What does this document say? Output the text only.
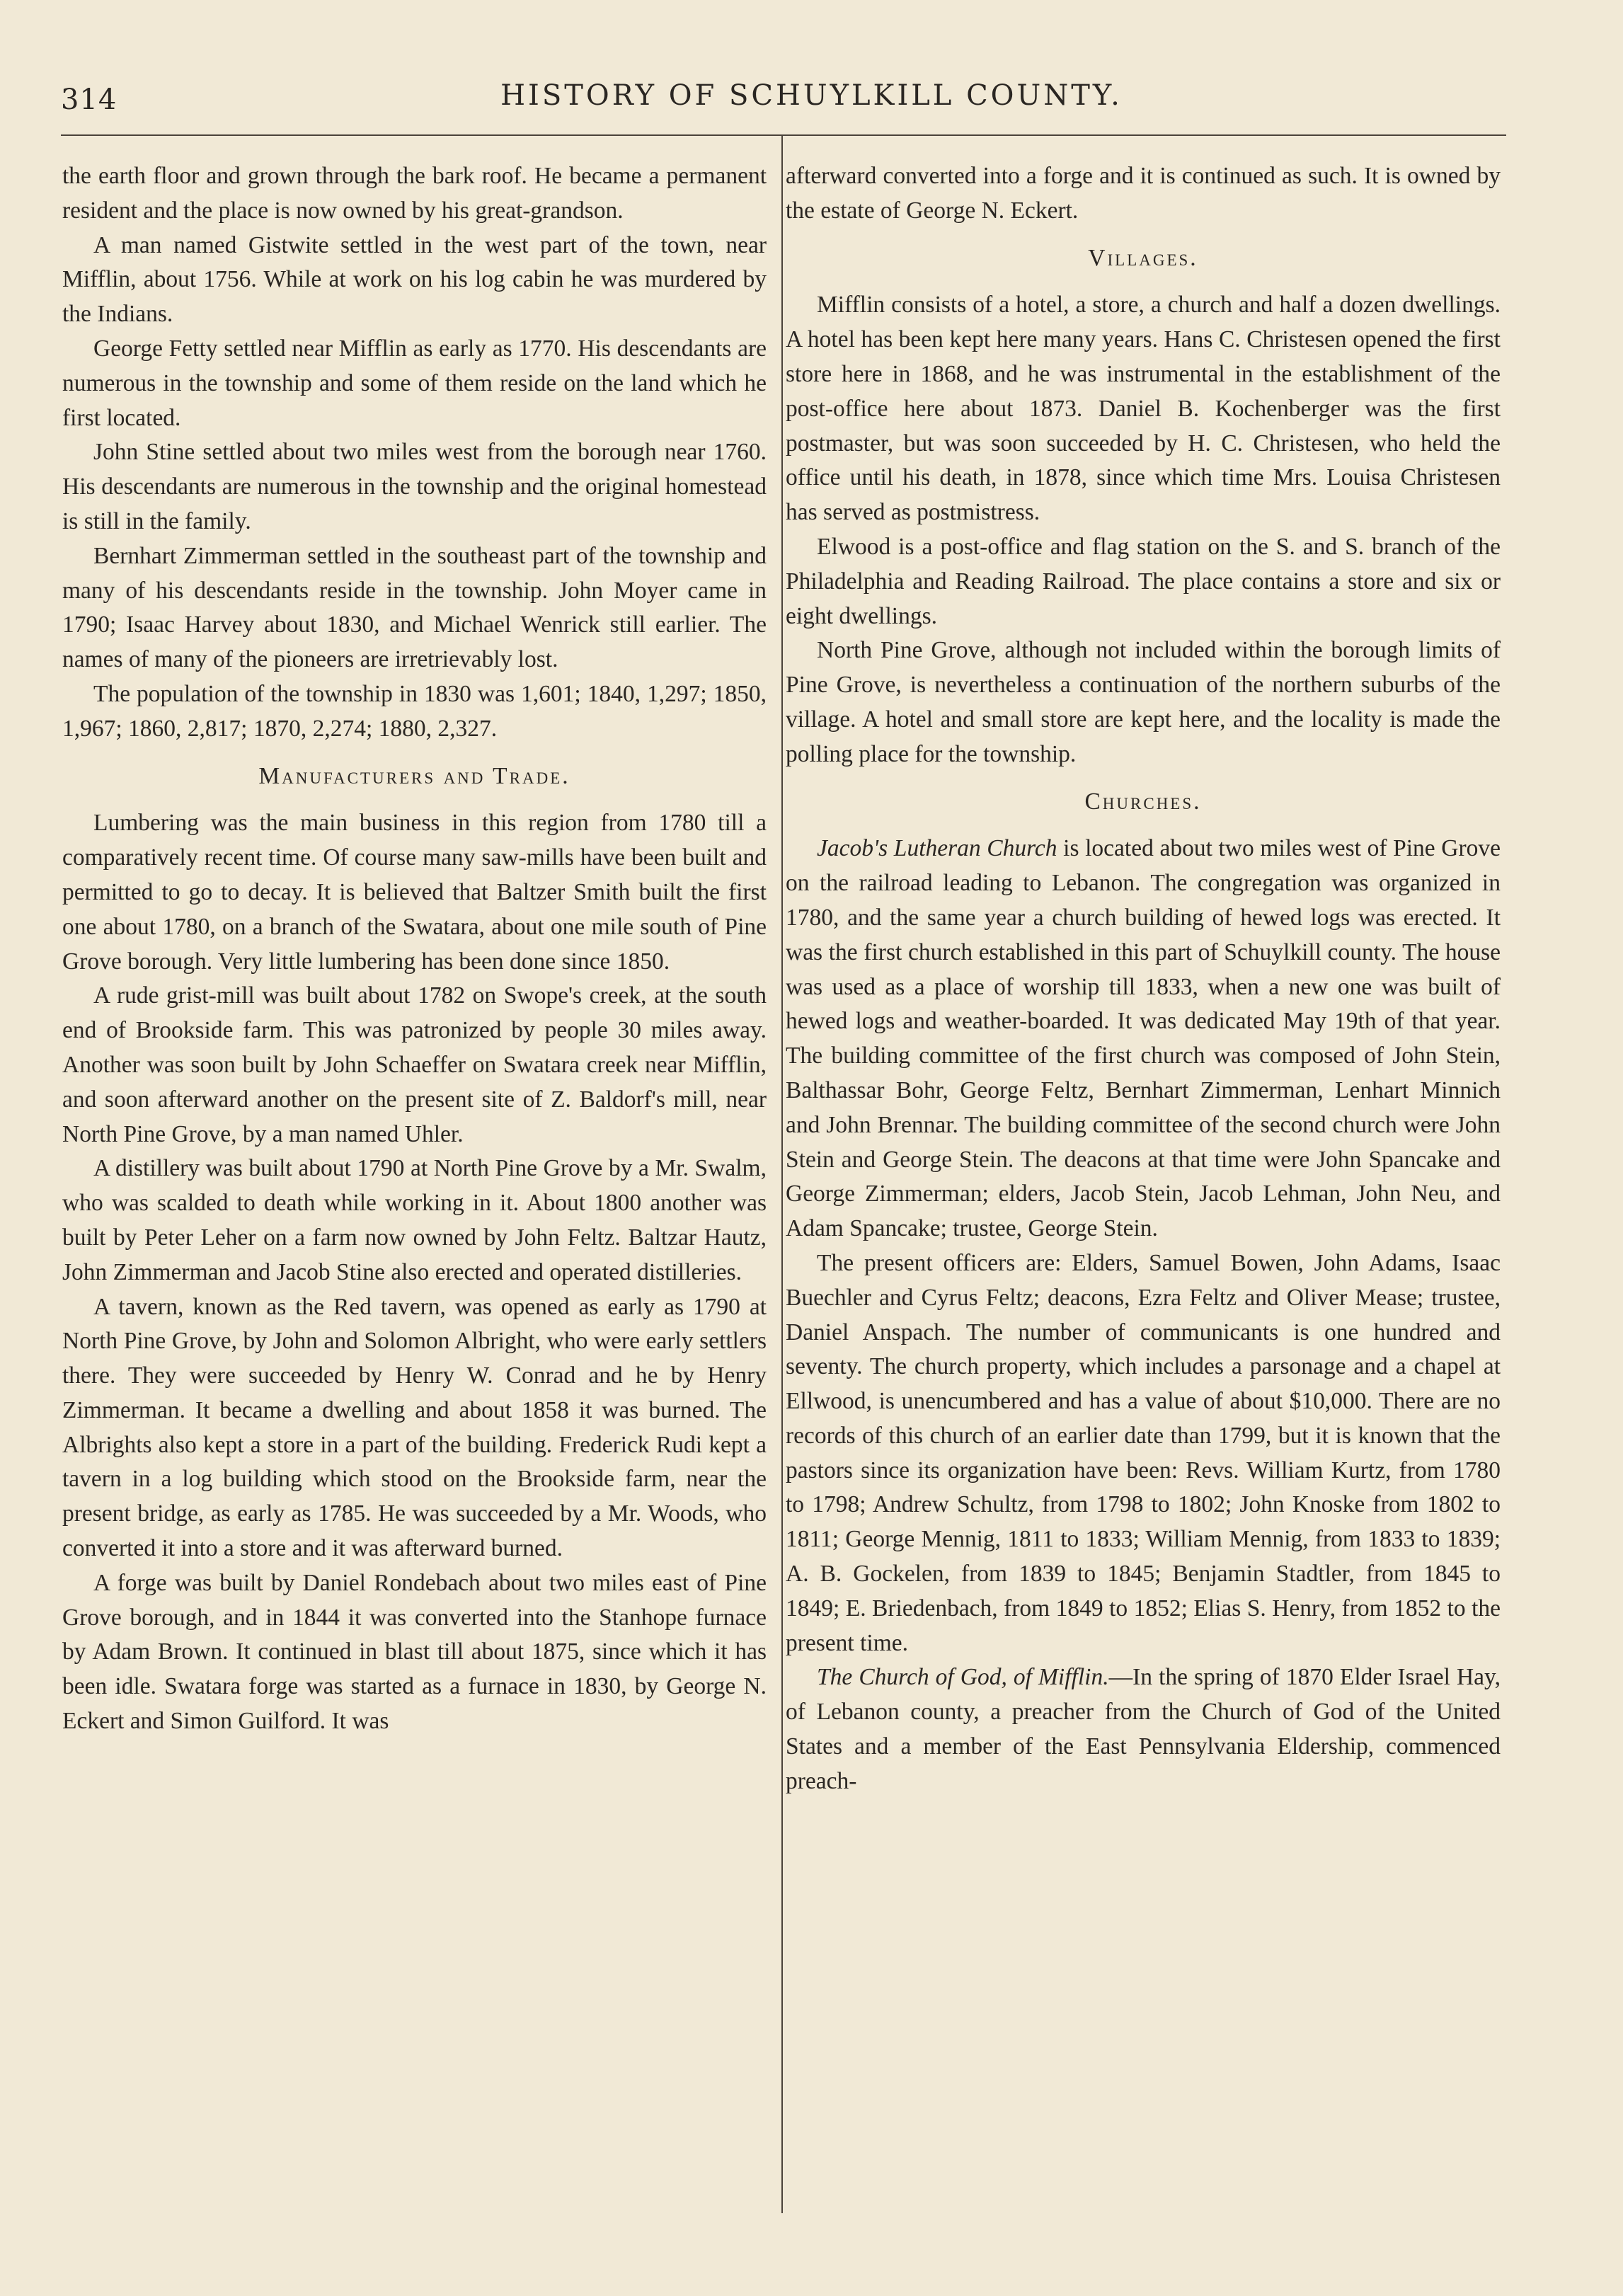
314	HISTORY OF SCHUYLKILL COUNTY.

the earth floor and grown through the bark roof. He became a permanent resident and the place is now owned by his great-grandson.

A man named Gistwite settled in the west part of the town, near Mifflin, about 1756. While at work on his log cabin he was murdered by the Indians.

George Fetty settled near Mifflin as early as 1770. His descendants are numerous in the township and some of them reside on the land which he first located.

John Stine settled about two miles west from the borough near 1760. His descendants are numerous in the township and the original homestead is still in the family.

Bernhart Zimmerman settled in the southeast part of the township and many of his descendants reside in the township. John Moyer came in 1790; Isaac Harvey about 1830, and Michael Wenrick still earlier. The names of many of the pioneers are irretrievably lost.

The population of the township in 1830 was 1,601; 1840, 1,297; 1850, 1,967; 1860, 2,817; 1870, 2,274; 1880, 2,327.

Manufacturers and Trade.

Lumbering was the main business in this region from 1780 till a comparatively recent time. Of course many saw-mills have been built and permitted to go to decay. It is believed that Baltzer Smith built the first one about 1780, on a branch of the Swatara, about one mile south of Pine Grove borough. Very little lumbering has been done since 1850.

A rude grist-mill was built about 1782 on Swope's creek, at the south end of Brookside farm. This was patronized by people 30 miles away. Another was soon built by John Schaeffer on Swatara creek near Mifflin, and soon afterward another on the present site of Z. Baldorf's mill, near North Pine Grove, by a man named Uhler.

A distillery was built about 1790 at North Pine Grove by a Mr. Swalm, who was scalded to death while working in it. About 1800 another was built by Peter Leher on a farm now owned by John Feltz. Baltzar Hautz, John Zimmerman and Jacob Stine also erected and operated distilleries.

A tavern, known as the Red tavern, was opened as early as 1790 at North Pine Grove, by John and Solomon Albright, who were early settlers there. They were succeeded by Henry W. Conrad and he by Henry Zimmerman. It became a dwelling and about 1858 it was burned. The Albrights also kept a store in a part of the building. Frederick Rudi kept a tavern in a log building which stood on the Brookside farm, near the present bridge, as early as 1785. He was succeeded by a Mr. Woods, who converted it into a store and it was afterward burned.

A forge was built by Daniel Rondebach about two miles east of Pine Grove borough, and in 1844 it was converted into the Stanhope furnace by Adam Brown. It continued in blast till about 1875, since which it has been idle. Swatara forge was started as a furnace in 1830, by George N. Eckert and Simon Guilford. It was

afterward converted into a forge and it is continued as such. It is owned by the estate of George N. Eckert.

Villages.

Mifflin consists of a hotel, a store, a church and half a dozen dwellings. A hotel has been kept here many years. Hans C. Christesen opened the first store here in 1868, and he was instrumental in the establishment of the post-office here about 1873. Daniel B. Kochenberger was the first postmaster, but was soon succeeded by H. C. Christesen, who held the office until his death, in 1878, since which time Mrs. Louisa Christesen has served as postmistress.

Elwood is a post-office and flag station on the S. and S. branch of the Philadelphia and Reading Railroad. The place contains a store and six or eight dwellings.

North Pine Grove, although not included within the borough limits of Pine Grove, is nevertheless a continuation of the northern suburbs of the village. A hotel and small store are kept here, and the locality is made the polling place for the township.

Churches.

Jacob's Lutheran Church is located about two miles west of Pine Grove on the railroad leading to Lebanon. The congregation was organized in 1780, and the same year a church building of hewed logs was erected. It was the first church established in this part of Schuylkill county. The house was used as a place of worship till 1833, when a new one was built of hewed logs and weather-boarded. It was dedicated May 19th of that year. The building committee of the first church was composed of John Stein, Balthassar Bohr, George Feltz, Bernhart Zimmerman, Lenhart Minnich and John Brennar. The building committee of the second church were John Stein and George Stein. The deacons at that time were John Spancake and George Zimmerman; elders, Jacob Stein, Jacob Lehman, John Neu, and Adam Spancake; trustee, George Stein.

The present officers are: Elders, Samuel Bowen, John Adams, Isaac Buechler and Cyrus Feltz; deacons, Ezra Feltz and Oliver Mease; trustee, Daniel Anspach. The number of communicants is one hundred and seventy. The church property, which includes a parsonage and a chapel at Ellwood, is unencumbered and has a value of about $10,000. There are no records of this church of an earlier date than 1799, but it is known that the pastors since its organization have been: Revs. William Kurtz, from 1780 to 1798; Andrew Schultz, from 1798 to 1802; John Knoske from 1802 to 1811; George Mennig, 1811 to 1833; William Mennig, from 1833 to 1839; A. B. Gockelen, from 1839 to 1845; Benjamin Stadtler, from 1845 to 1849; E. Briedenbach, from 1849 to 1852; Elias S. Henry, from 1852 to the present time.

The Church of God, of Mifflin.—In the spring of 1870 Elder Israel Hay, of Lebanon county, a preacher from the Church of God of the United States and a member of the East Pennsylvania Eldership, commenced preach-
